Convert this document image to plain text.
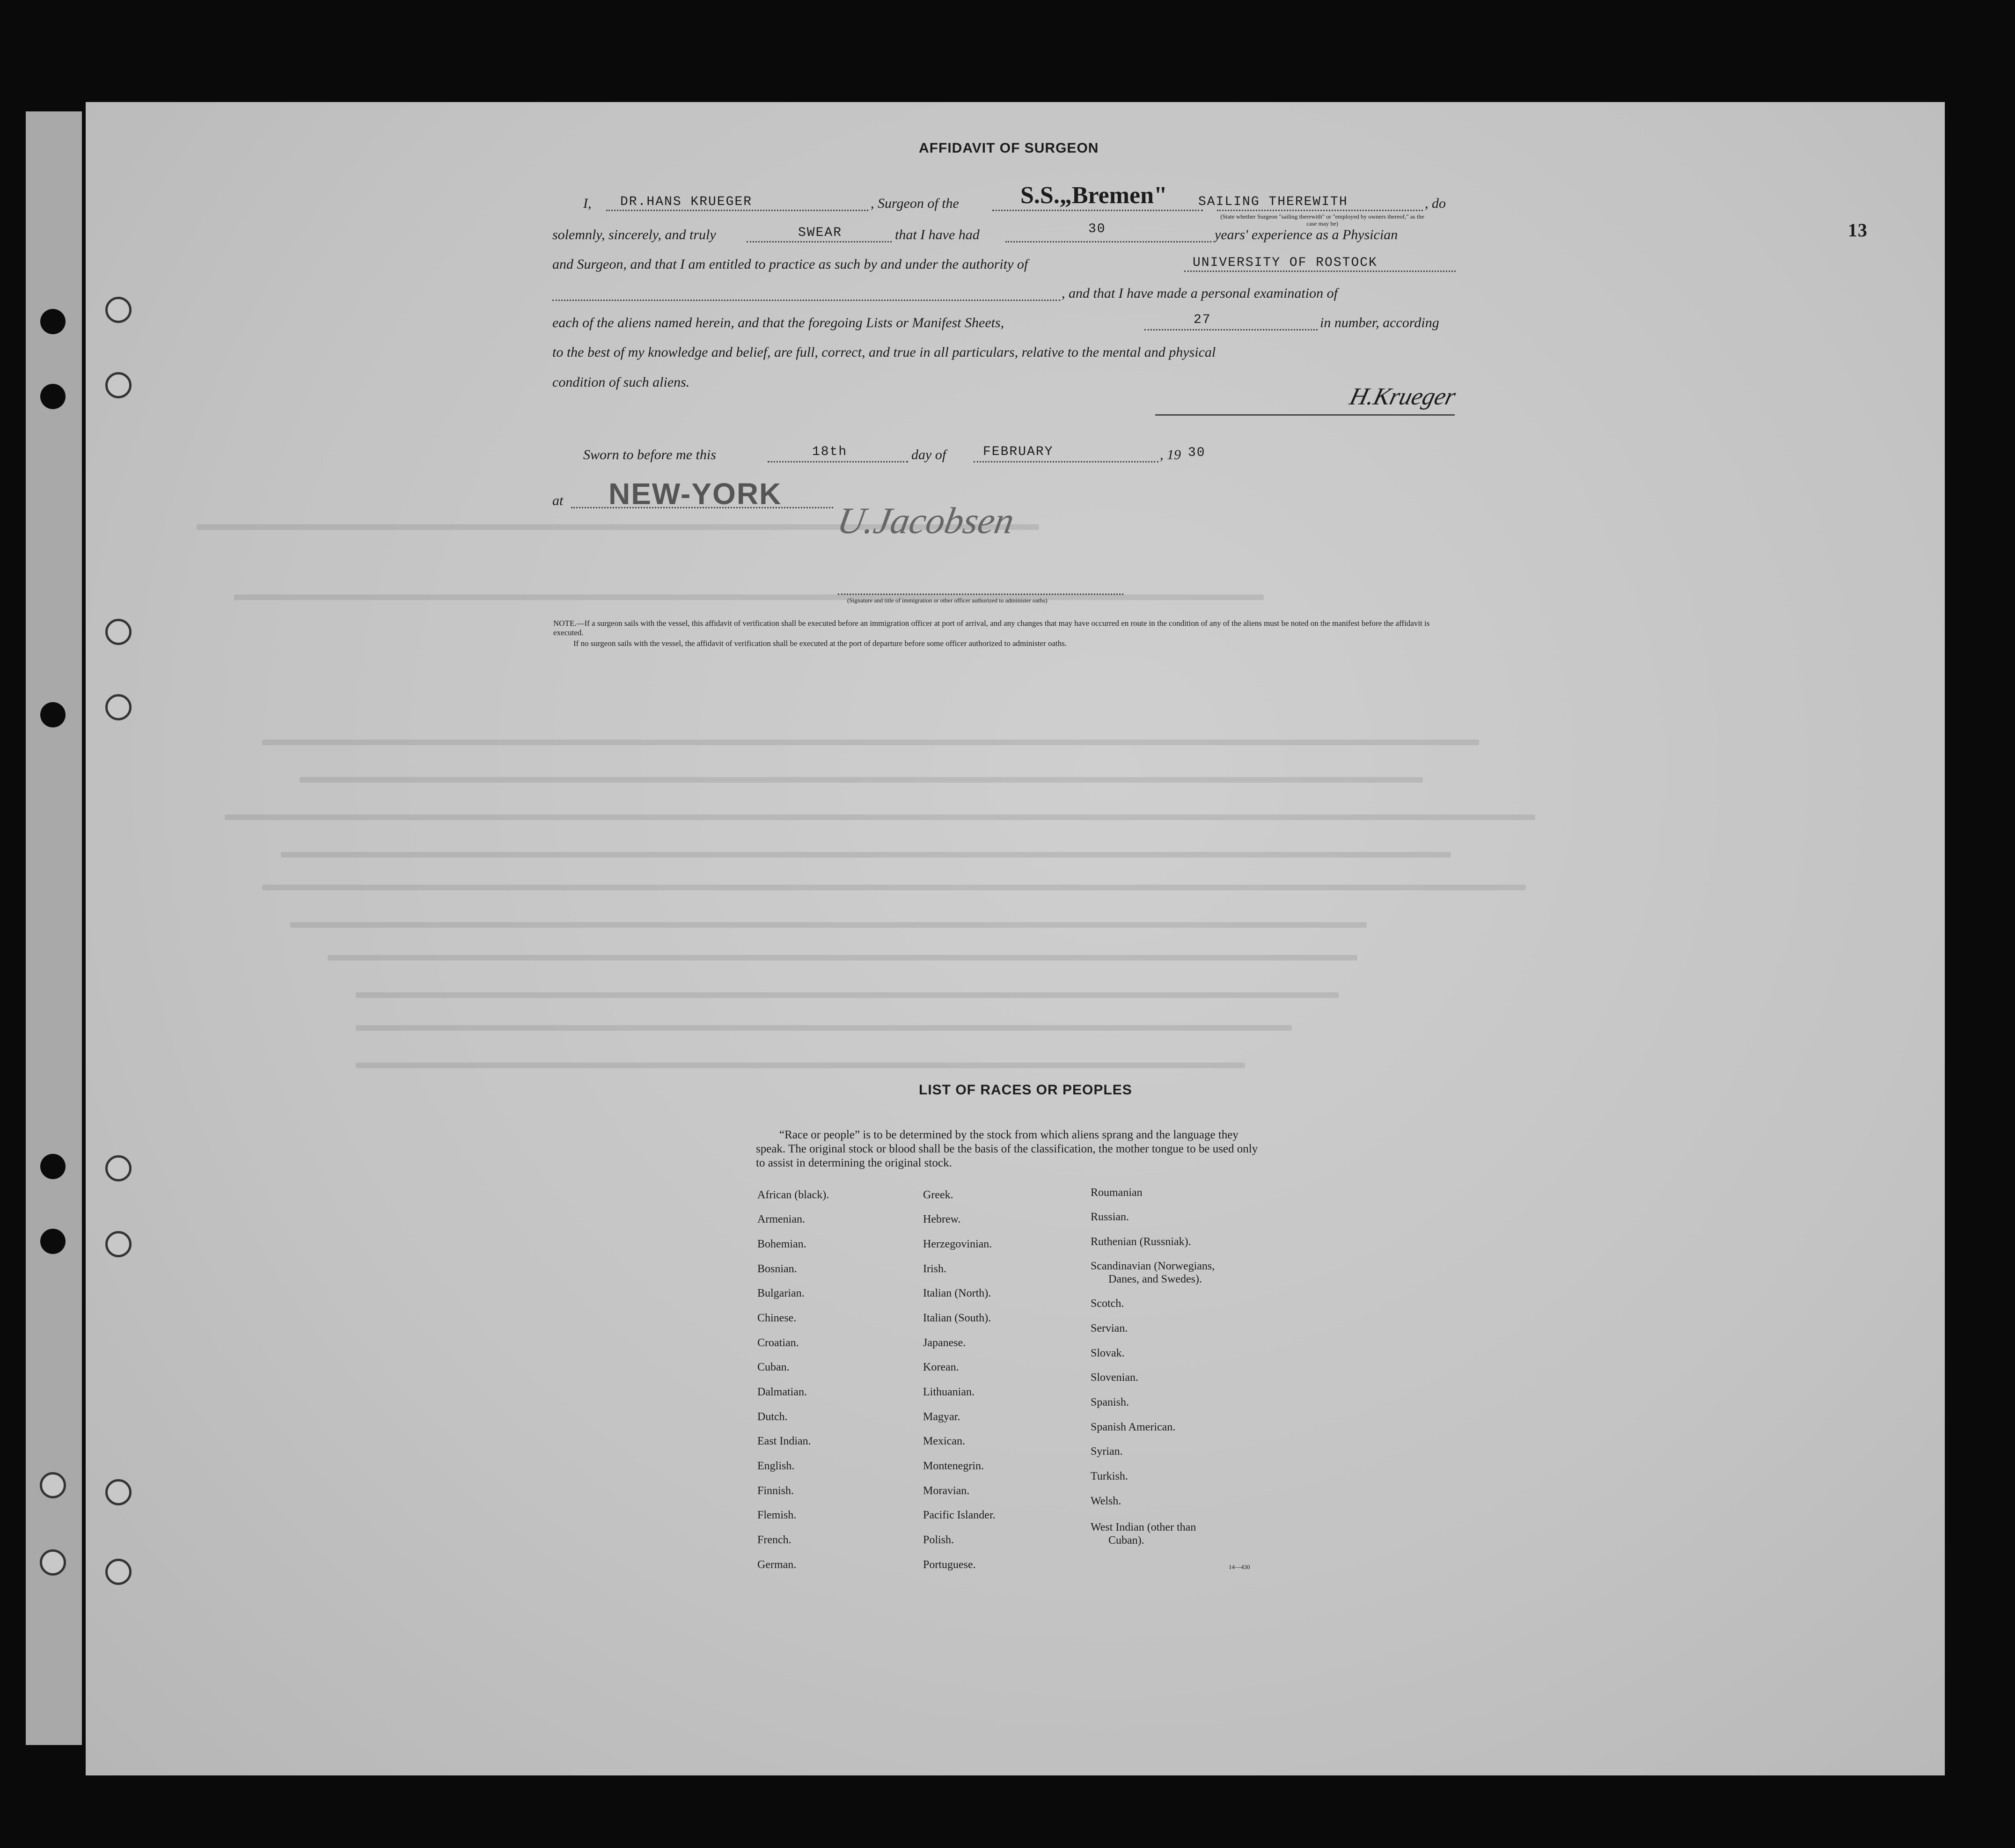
13
AFFIDAVIT OF SURGEON
I, DR.HANS KRUEGER	, Surgeon of the	S.S.„Bremen" SAILING THEREWITH	, do
(State whether Surgeon "sailing therewith" or "employed by owners thereof," as the case may be)
solemnly, sincerely, and truly	SWEAR	that I have had	30	years' experience as a Physician
and Surgeon, and that I am entitled to practice as such by and under the authority of	UNIVERSITY OF ROSTOCK
, and that I have made a personal examination of
each of the aliens named herein, and that the foregoing Lists or Manifest Sheets,	27	in number, according
to the best of my knowledge and belief, are full, correct, and true in all particulars, relative to the mental and physical
condition of such aliens.
H.Krueger
Sworn to before me this	18th	day of	FEBRUARY	, 19 30
at NEW-YORK
U.Jacobsen
(Signature and title of immigration or other officer authorized to administer oaths)
NOTE.—If a surgeon sails with the vessel, this affidavit of verification shall be executed before an immigration officer at port of arrival, and any changes that may have occurred en route in the condition of any of the aliens must be noted on the manifest before the affidavit is executed.
If no surgeon sails with the vessel, the affidavit of verification shall be executed at the port of departure before some officer authorized to administer oaths.
LIST OF RACES OR PEOPLES
“Race or people” is to be determined by the stock from which aliens sprang and the language they speak. The original stock or blood shall be the basis of the classification, the mother tongue to be used only to assist in determining the original stock.
African (black).
Armenian.
Bohemian.
Bosnian.
Bulgarian.
Chinese.
Croatian.
Cuban.
Dalmatian.
Dutch.
East Indian.
English.
Finnish.
Flemish.
French.
German.
Greek.
Hebrew.
Herzegovinian.
Irish.
Italian (North).
Italian (South).
Japanese.
Korean.
Lithuanian.
Magyar.
Mexican.
Montenegrin.
Moravian.
Pacific Islander.
Polish.
Portuguese.
Roumanian
Russian.
Ruthenian (Russniak).
Scandinavian (Norwegians,
Danes, and Swedes).
Scotch.
Servian.
Slovak.
Slovenian.
Spanish.
Spanish American.
Syrian.
Turkish.
Welsh.
West Indian (other than
Cuban).
14—430
